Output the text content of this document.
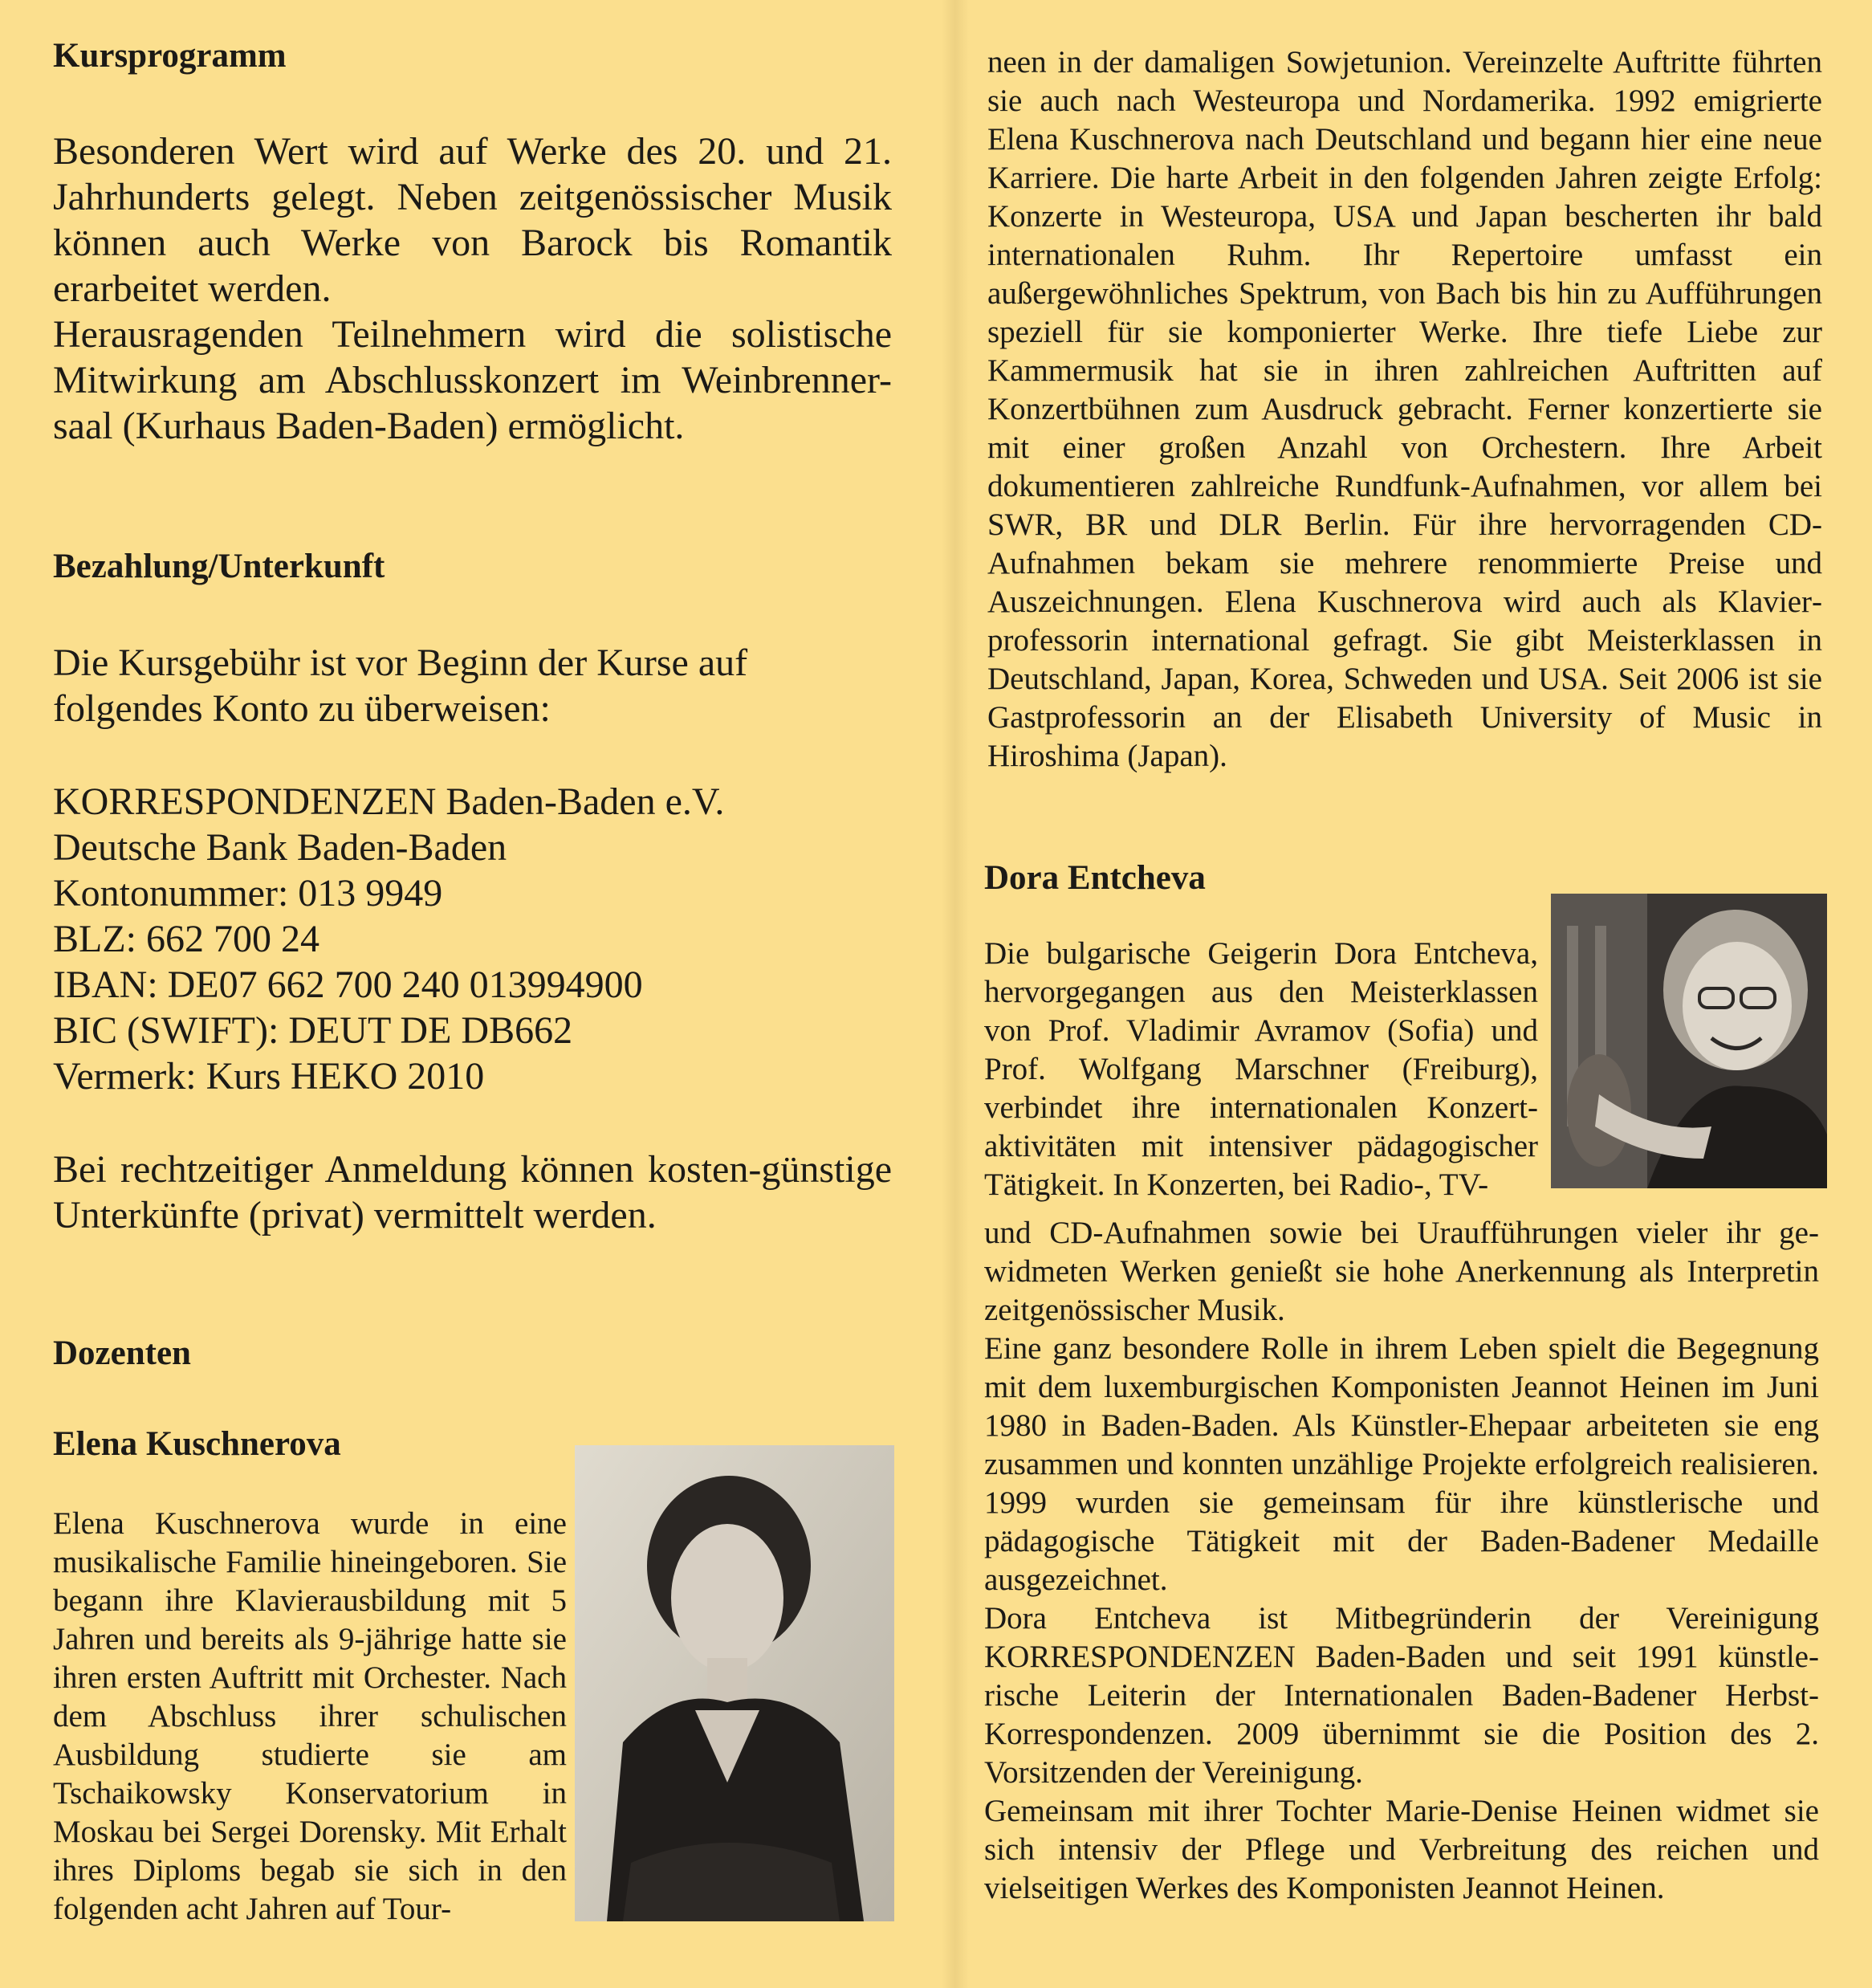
Kursprogramm

Besonderen Wert wird auf Werke des 20. und 21. Jahrhunderts gelegt. Neben zeitgenössischer Musik können auch Werke von Barock bis Romantik erarbeitet werden.
Herausragenden Teilnehmern wird die solistische Mitwirkung am Abschlusskonzert im Weinbrenner-saal (Kurhaus Baden-Baden) ermöglicht.

Bezahlung/Unterkunft

Die Kursgebühr ist vor Beginn der Kurse auf folgendes Konto zu überweisen:

KORRESPONDENZEN Baden-Baden e.V.
Deutsche Bank Baden-Baden
Kontonummer: 013 9949
BLZ: 662 700 24
IBAN: DE07 662 700 240 013994900
BIC (SWIFT): DEUT DE DB662
Vermerk: Kurs HEKO 2010

Bei rechtzeitiger Anmeldung können kosten-günstige Unterkünfte (privat) vermittelt werden.

Dozenten
Elena Kuschnerova

Elena Kuschnerova wurde in eine musikalische Familie hineingeboren. Sie begann ihre Klavierausbildung mit 5 Jahren und bereits als 9-jährige hatte sie ihren ersten Auftritt mit Orchester. Nach dem Abschluss ihrer schulischen Ausbildung studierte sie am Tschaikowsky Konservatorium in Moskau bei Sergei Dorensky. Mit Erhalt ihres Diploms begab sie sich in den folgenden acht Jahren auf Tour-

neen in der damaligen Sowjetunion. Vereinzelte Auftritte führten sie auch nach Westeuropa und Nordamerika. 1992 emigrierte Elena Kuschnerova nach Deutschland und begann hier eine neue Karriere. Die harte Arbeit in den folgenden Jahren zeigte Erfolg: Konzerte in Westeuropa, USA und Japan bescherten ihr bald internationalen Ruhm. Ihr Repertoire umfasst ein außergewöhnliches Spektrum, von Bach bis hin zu Aufführungen speziell für sie komponierter Werke. Ihre tiefe Liebe zur Kammermusik hat sie in ihren zahlreichen Auftritten auf Konzertbühnen zum Ausdruck gebracht. Ferner konzertierte sie mit einer großen Anzahl von Orchestern. Ihre Arbeit dokumentieren zahlreiche Rundfunk-Aufnahmen, vor allem bei SWR, BR und DLR Berlin. Für ihre hervorragenden CD-Aufnahmen bekam sie mehrere renommierte Preise und Auszeichnungen. Elena Kuschnerova wird auch als Klavierprofessorin international gefragt. Sie gibt Meisterklassen in Deutschland, Japan, Korea, Schweden und USA. Seit 2006 ist sie Gastprofessorin an der Elisabeth University of Music in Hiroshima (Japan).

Dora Entcheva

Die bulgarische Geigerin Dora Entcheva, hervorgegangen aus den Meisterklassen von Prof. Vladimir Avramov (Sofia) und Prof. Wolfgang Marschner (Freiburg), verbindet ihre internationalen Konzertaktivitäten mit intensiver pädagogischer Tätigkeit. In Konzerten, bei Radio-, TV-

und CD-Aufnahmen sowie bei Uraufführungen vieler ihr gewidmeten Werken genießt sie hohe Anerkennung als Interpretin zeitgenössischer Musik.

Eine ganz besondere Rolle in ihrem Leben spielt die Begegnung mit dem luxemburgischen Komponisten Jeannot Heinen im Juni 1980 in Baden-Baden. Als Künstler-Ehepaar arbeiteten sie eng zusammen und konnten unzählige Projekte erfolgreich realisieren. 1999 wurden sie gemeinsam für ihre künstlerische und pädagogische Tätigkeit mit der Baden-Badener Medaille ausgezeichnet.

Dora Entcheva ist Mitbegründerin der Vereinigung KORRESPONDENZEN Baden-Baden und seit 1991 künstlerische Leiterin der Internationalen Baden-Badener Herbst-Korrespondenzen. 2009 übernimmt sie die Position des 2. Vorsitzenden der Vereinigung.

Gemeinsam mit ihrer Tochter Marie-Denise Heinen widmet sie sich intensiv der Pflege und Verbreitung des reichen und vielseitigen Werkes des Komponisten Jeannot Heinen.
